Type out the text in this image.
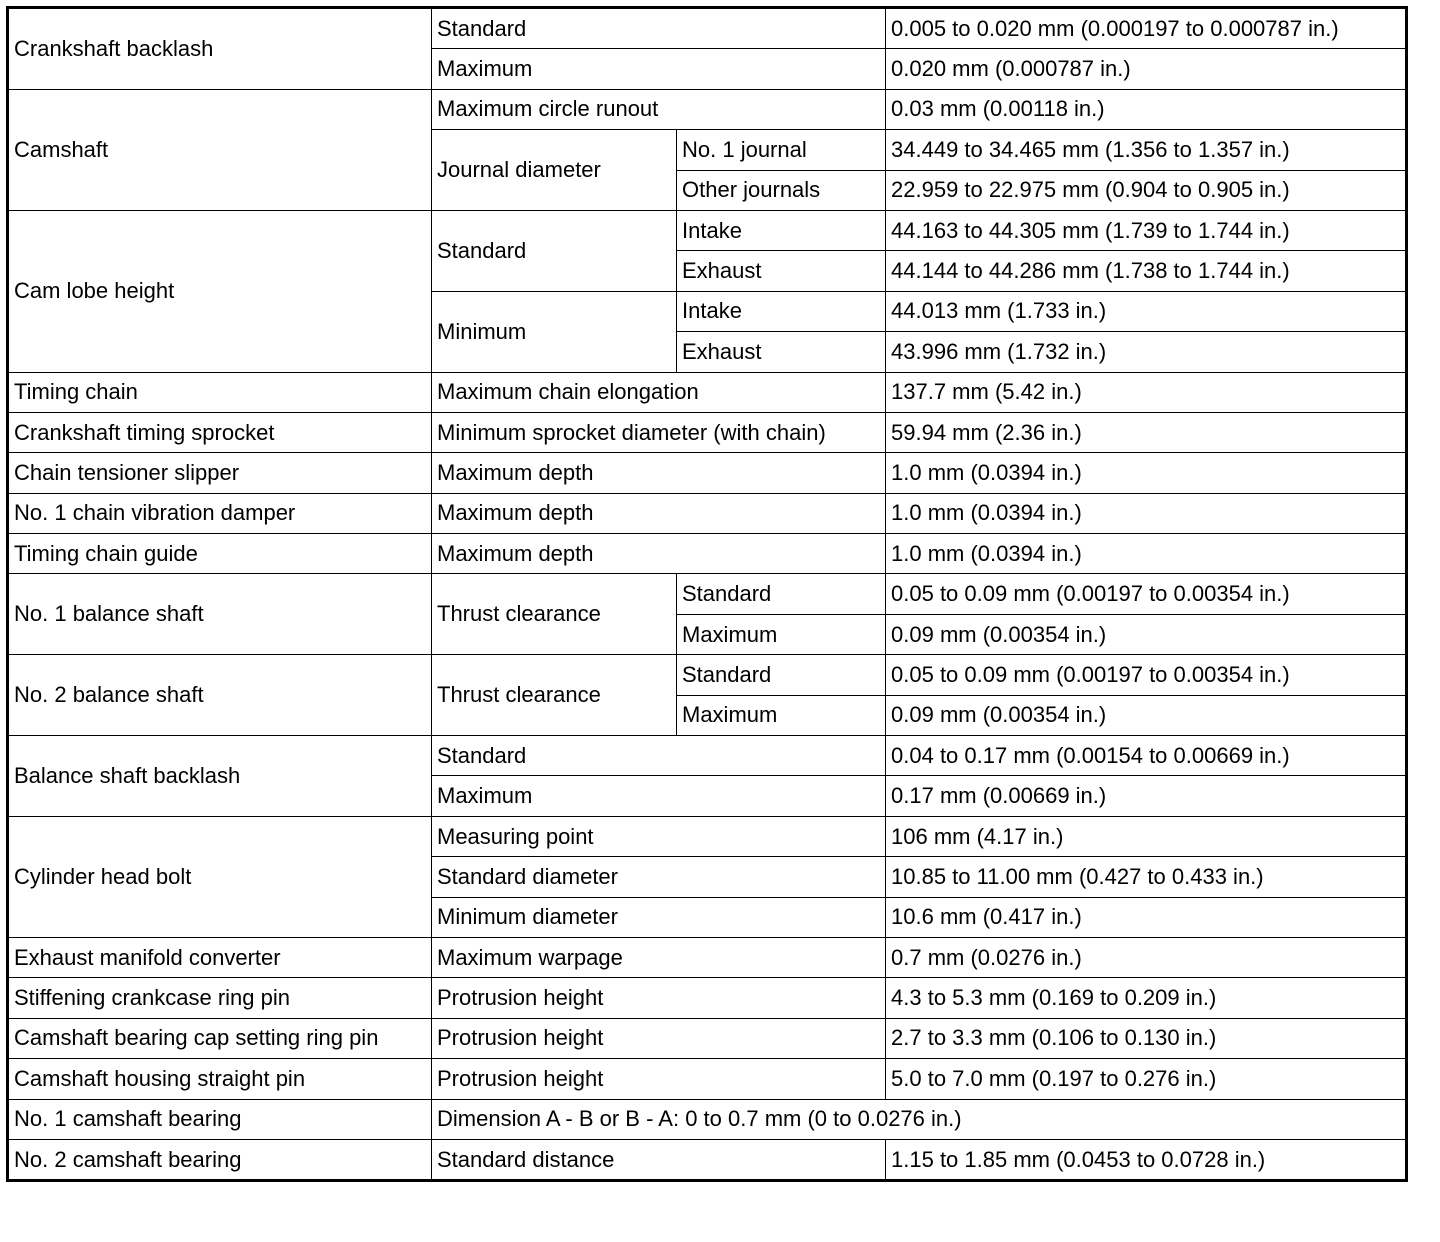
Crankshaft backlash	Standard		0.005 to 0.020 mm (0.000197 to 0.000787 in.)
	Maximum		0.020 mm (0.000787 in.)
Camshaft	Maximum circle runout		0.03 mm (0.00118 in.)
	Journal diameter	No. 1 journal	34.449 to 34.465 mm (1.356 to 1.357 in.)
		Other journals	22.959 to 22.975 mm (0.904 to 0.905 in.)
Cam lobe height	Standard	Intake	44.163 to 44.305 mm (1.739 to 1.744 in.)
		Exhaust	44.144 to 44.286 mm (1.738 to 1.744 in.)
	Minimum	Intake	44.013 mm (1.733 in.)
		Exhaust	43.996 mm (1.732 in.)
Timing chain	Maximum chain elongation		137.7 mm (5.42 in.)
Crankshaft timing sprocket	Minimum sprocket diameter (with chain)		59.94 mm (2.36 in.)
Chain tensioner slipper	Maximum depth		1.0 mm (0.0394 in.)
No. 1 chain vibration damper	Maximum depth		1.0 mm (0.0394 in.)
Timing chain guide	Maximum depth		1.0 mm (0.0394 in.)
No. 1 balance shaft	Thrust clearance	Standard	0.05 to 0.09 mm (0.00197 to 0.00354 in.)
		Maximum	0.09 mm (0.00354 in.)
No. 2 balance shaft	Thrust clearance	Standard	0.05 to 0.09 mm (0.00197 to 0.00354 in.)
		Maximum	0.09 mm (0.00354 in.)
Balance shaft backlash	Standard		0.04 to 0.17 mm (0.00154 to 0.00669 in.)
	Maximum		0.17 mm (0.00669 in.)
Cylinder head bolt	Measuring point		106 mm (4.17 in.)
	Standard diameter		10.85 to 11.00 mm (0.427 to 0.433 in.)
	Minimum diameter		10.6 mm (0.417 in.)
Exhaust manifold converter	Maximum warpage		0.7 mm (0.0276 in.)
Stiffening crankcase ring pin	Protrusion height		4.3 to 5.3 mm (0.169 to 0.209 in.)
Camshaft bearing cap setting ring pin	Protrusion height		2.7 to 3.3 mm (0.106 to 0.130 in.)
Camshaft housing straight pin	Protrusion height		5.0 to 7.0 mm (0.197 to 0.276 in.)
No. 1 camshaft bearing	Dimension A - B or B - A: 0 to 0.7 mm (0 to 0.0276 in.)		
No. 2 camshaft bearing	Standard distance		1.15 to 1.85 mm (0.0453 to 0.0728 in.)
